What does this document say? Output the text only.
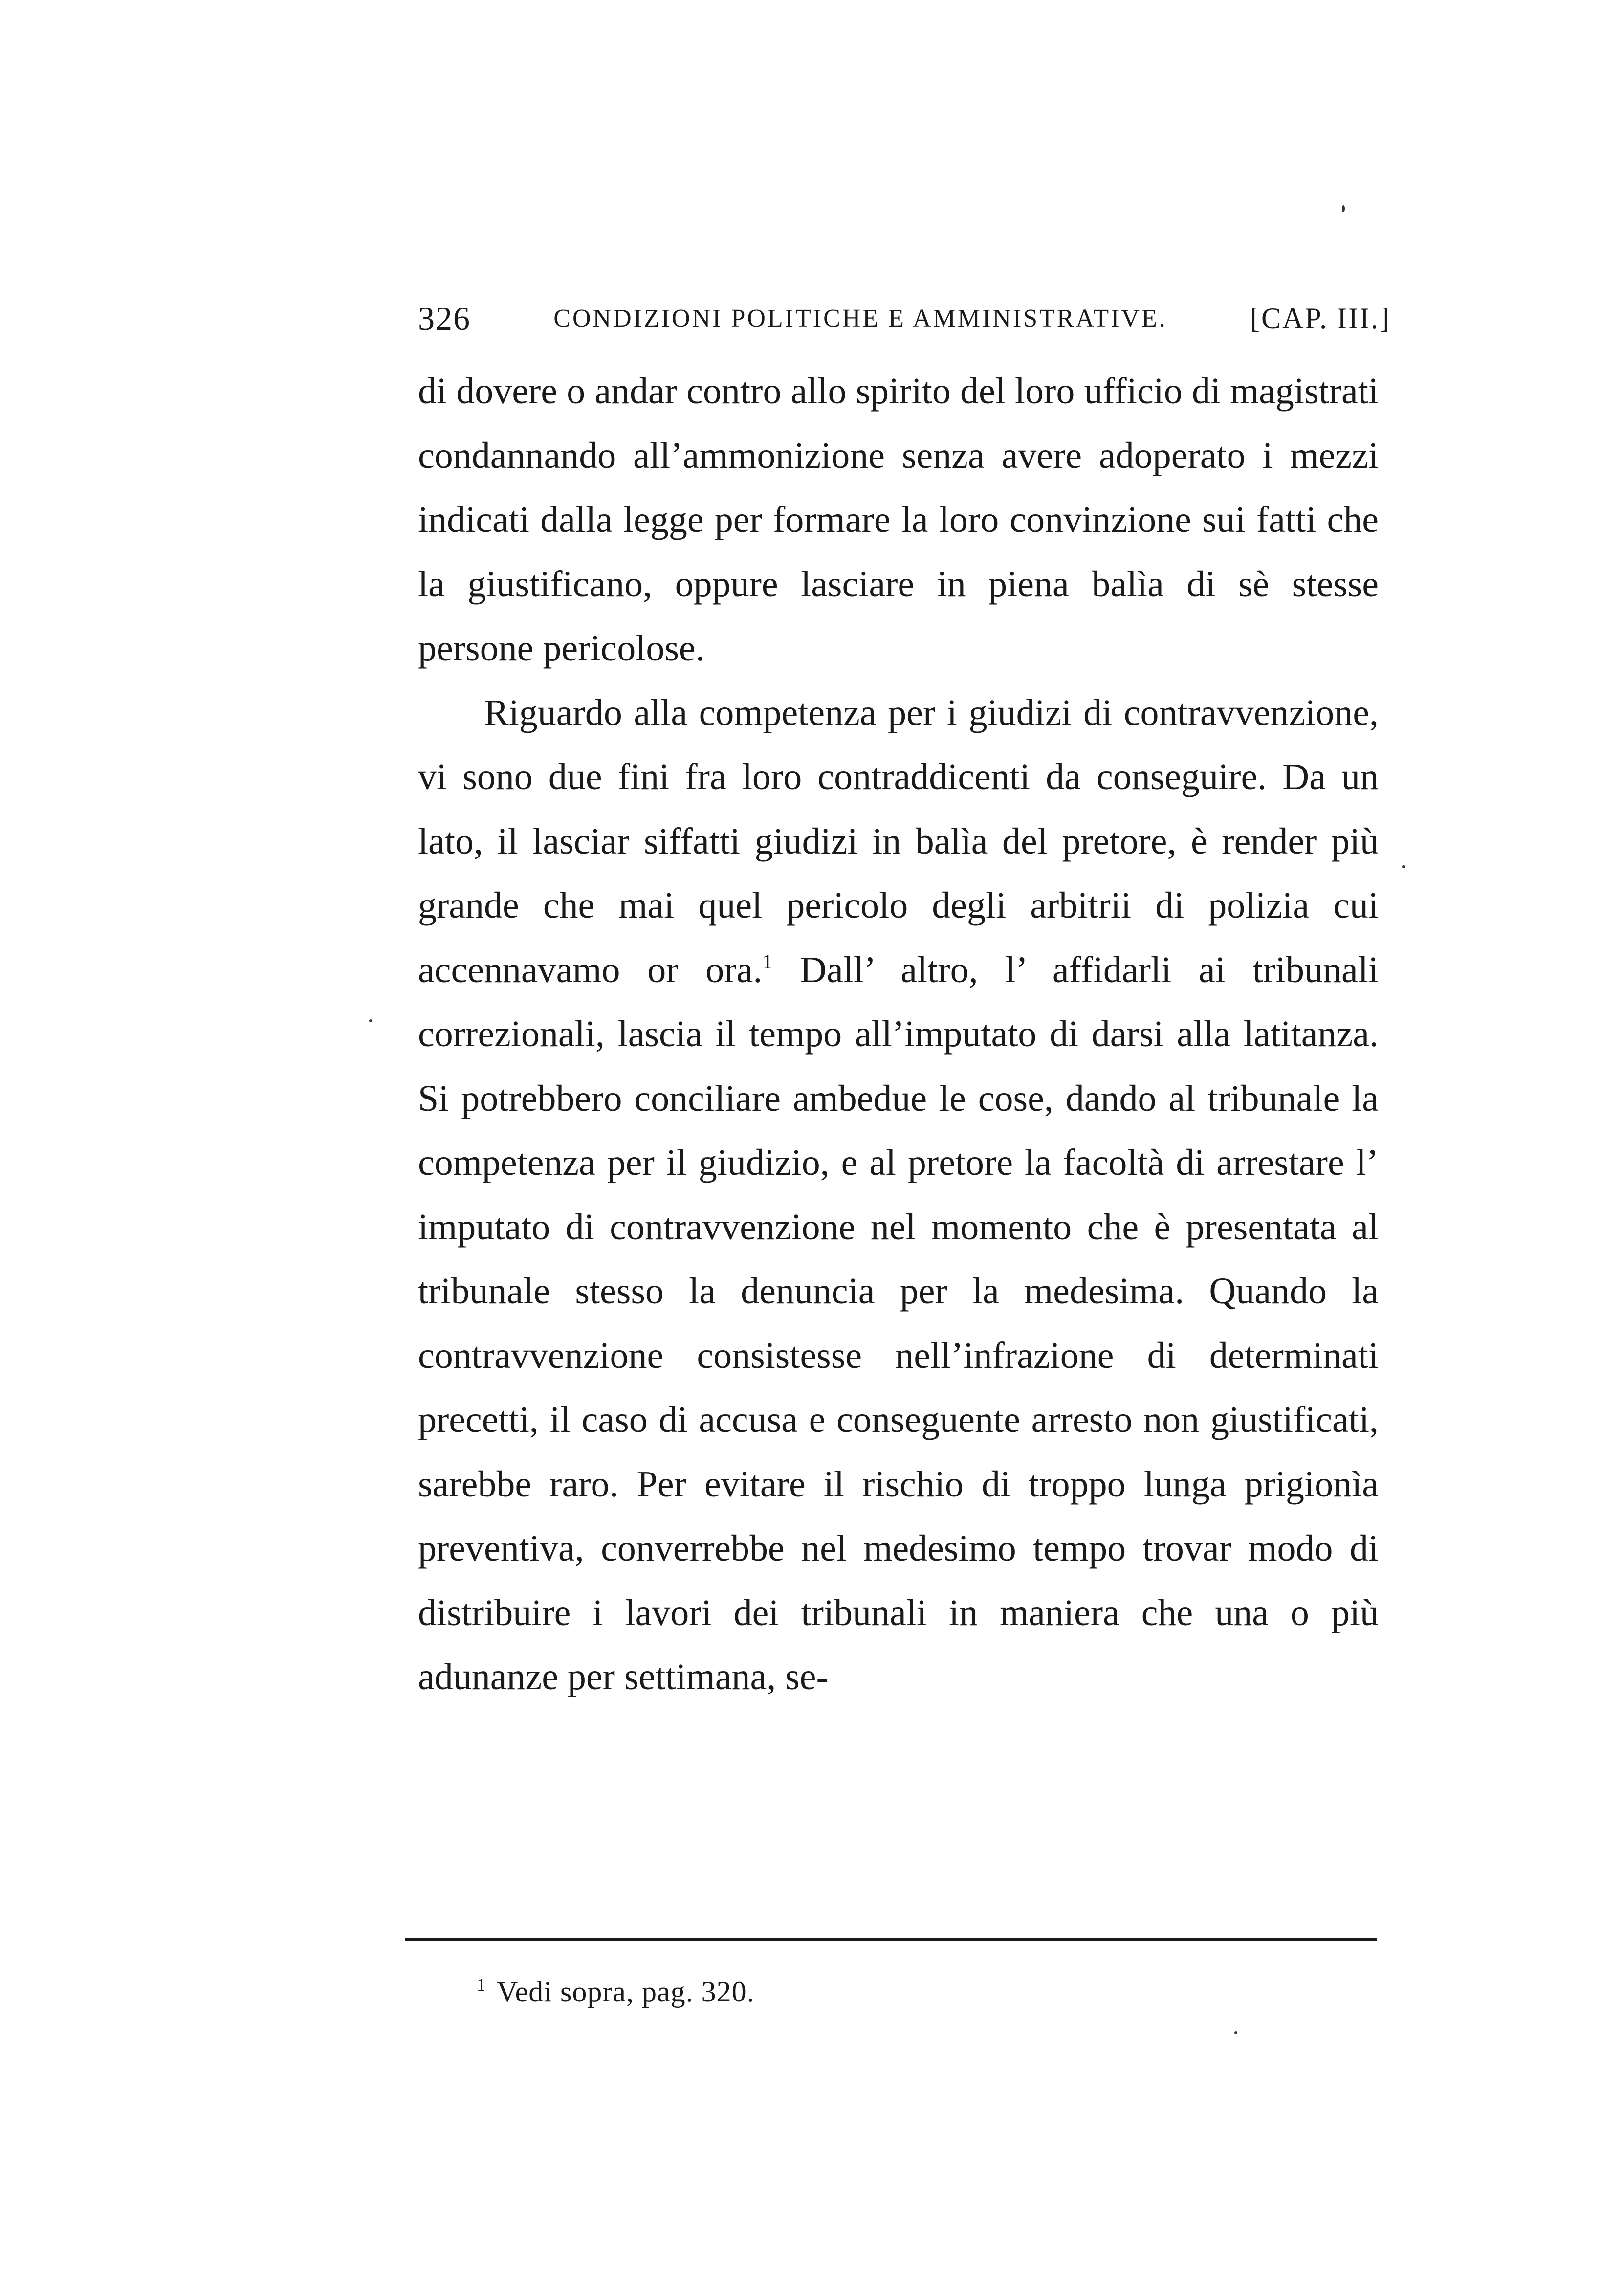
326	CONDIZIONI POLITICHE E AMMINISTRATIVE.	[CAP. III.]

di dovere o andar contro allo spirito del loro ufficio di magistrati condannando all’ammonizione senza avere adoperato i mezzi indicati dalla legge per formare la loro convinzione sui fatti che la giustificano, oppure lasciare in piena balìa di sè stesse persone pericolose.

Riguardo alla competenza per i giudizi di contravvenzione, vi sono due fini fra loro contraddicenti da conseguire. Da un lato, il lasciar siffatti giudizi in balìa del pretore, è render più grande che mai quel pericolo degli arbitrii di polizia cui accennavamo or ora.$^1$ Dall’ altro, l’ affidarli ai tribunali correzionali, lascia il tempo all’imputato di darsi alla latitanza. Si potrebbero conciliare ambedue le cose, dando al tribunale la competenza per il giudizio, e al pretore la facoltà di arrestare l’ imputato di contravvenzione nel momento che è presentata al tribunale stesso la denuncia per la medesima. Quando la contravvenzione consistesse nell’infrazione di determinati precetti, il caso di accusa e conseguente arresto non giustificati, sarebbe raro. Per evitare il rischio di troppo lunga prigionìa preventiva, converrebbe nel medesimo tempo trovar modo di distribuire i lavori dei tribunali in maniera che una o più adunanze per settimana, se-

$^1$ Vedi sopra, pag. 320.
